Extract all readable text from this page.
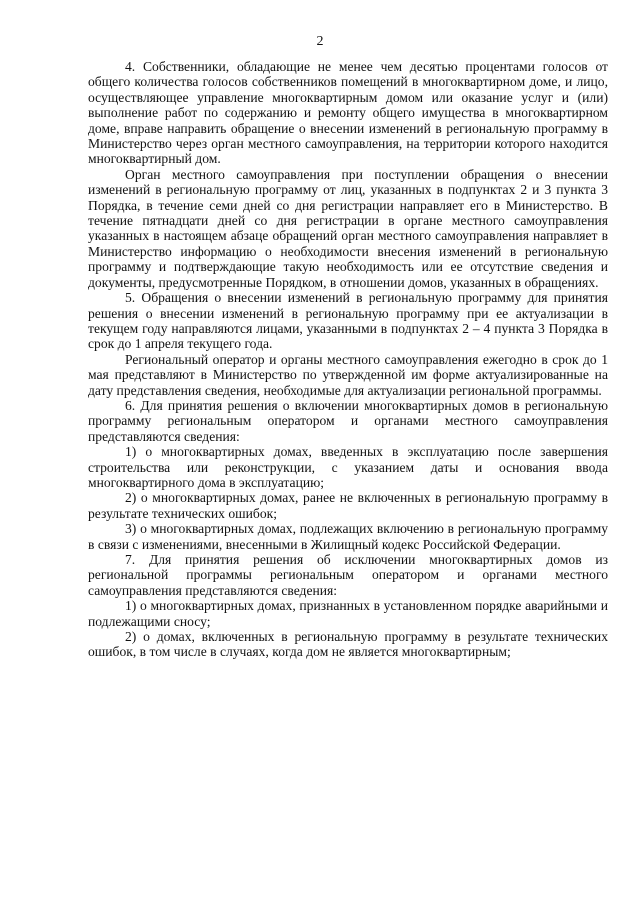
2

4. Собственники, обладающие не менее чем десятью процентами голосов от общего количества голосов собственников помещений в многоквартирном доме, и лицо, осуществляющее управление многоквартирным домом или оказание услуг и (или) выполнение работ по содержанию и ремонту общего имущества в многоквартирном доме, вправе направить обращение о внесении изменений в региональную программу в Министерство через орган местного самоуправления, на территории которого находится многоквартирный дом.

Орган местного самоуправления при поступлении обращения о внесении изменений в региональную программу от лиц, указанных в подпунктах 2 и 3 пункта 3 Порядка, в течение семи дней со дня регистрации направляет его в Министерство. В течение пятнадцати дней со дня регистрации в органе местного самоуправления указанных в настоящем абзаце обращений орган местного самоуправления направляет в Министерство информацию о необходимости внесения изменений в региональную программу и подтверждающие такую необходимость или ее отсутствие сведения и документы, предусмотренные Порядком, в отношении домов, указанных в обращениях.

5. Обращения о внесении изменений в региональную программу для принятия решения о внесении изменений в региональную программу при ее актуализации в текущем году направляются лицами, указанными в подпунктах 2 – 4 пункта 3 Порядка в срок до 1 апреля текущего года.

Региональный оператор и органы местного самоуправления ежегодно в срок до 1 мая представляют в Министерство по утвержденной им форме актуализированные на дату представления сведения, необходимые для актуализации региональной программы.

6. Для принятия решения о включении многоквартирных домов в региональную программу региональным оператором и органами местного самоуправления представляются сведения:

1) о многоквартирных домах, введенных в эксплуатацию после завершения строительства или реконструкции, с указанием даты и основания ввода многоквартирного дома в эксплуатацию;

2) о многоквартирных домах, ранее не включенных в региональную программу в результате технических ошибок;

3) о многоквартирных домах, подлежащих включению в региональную программу в связи с изменениями, внесенными в Жилищный кодекс Российской Федерации.

7. Для принятия решения об исключении многоквартирных домов из региональной программы региональным оператором и органами местного самоуправления представляются сведения:

1) о многоквартирных домах, признанных в установленном порядке аварийными и подлежащими сносу;

2) о домах, включенных в региональную программу в результате технических ошибок, в том числе в случаях, когда дом не является многоквартирным;
